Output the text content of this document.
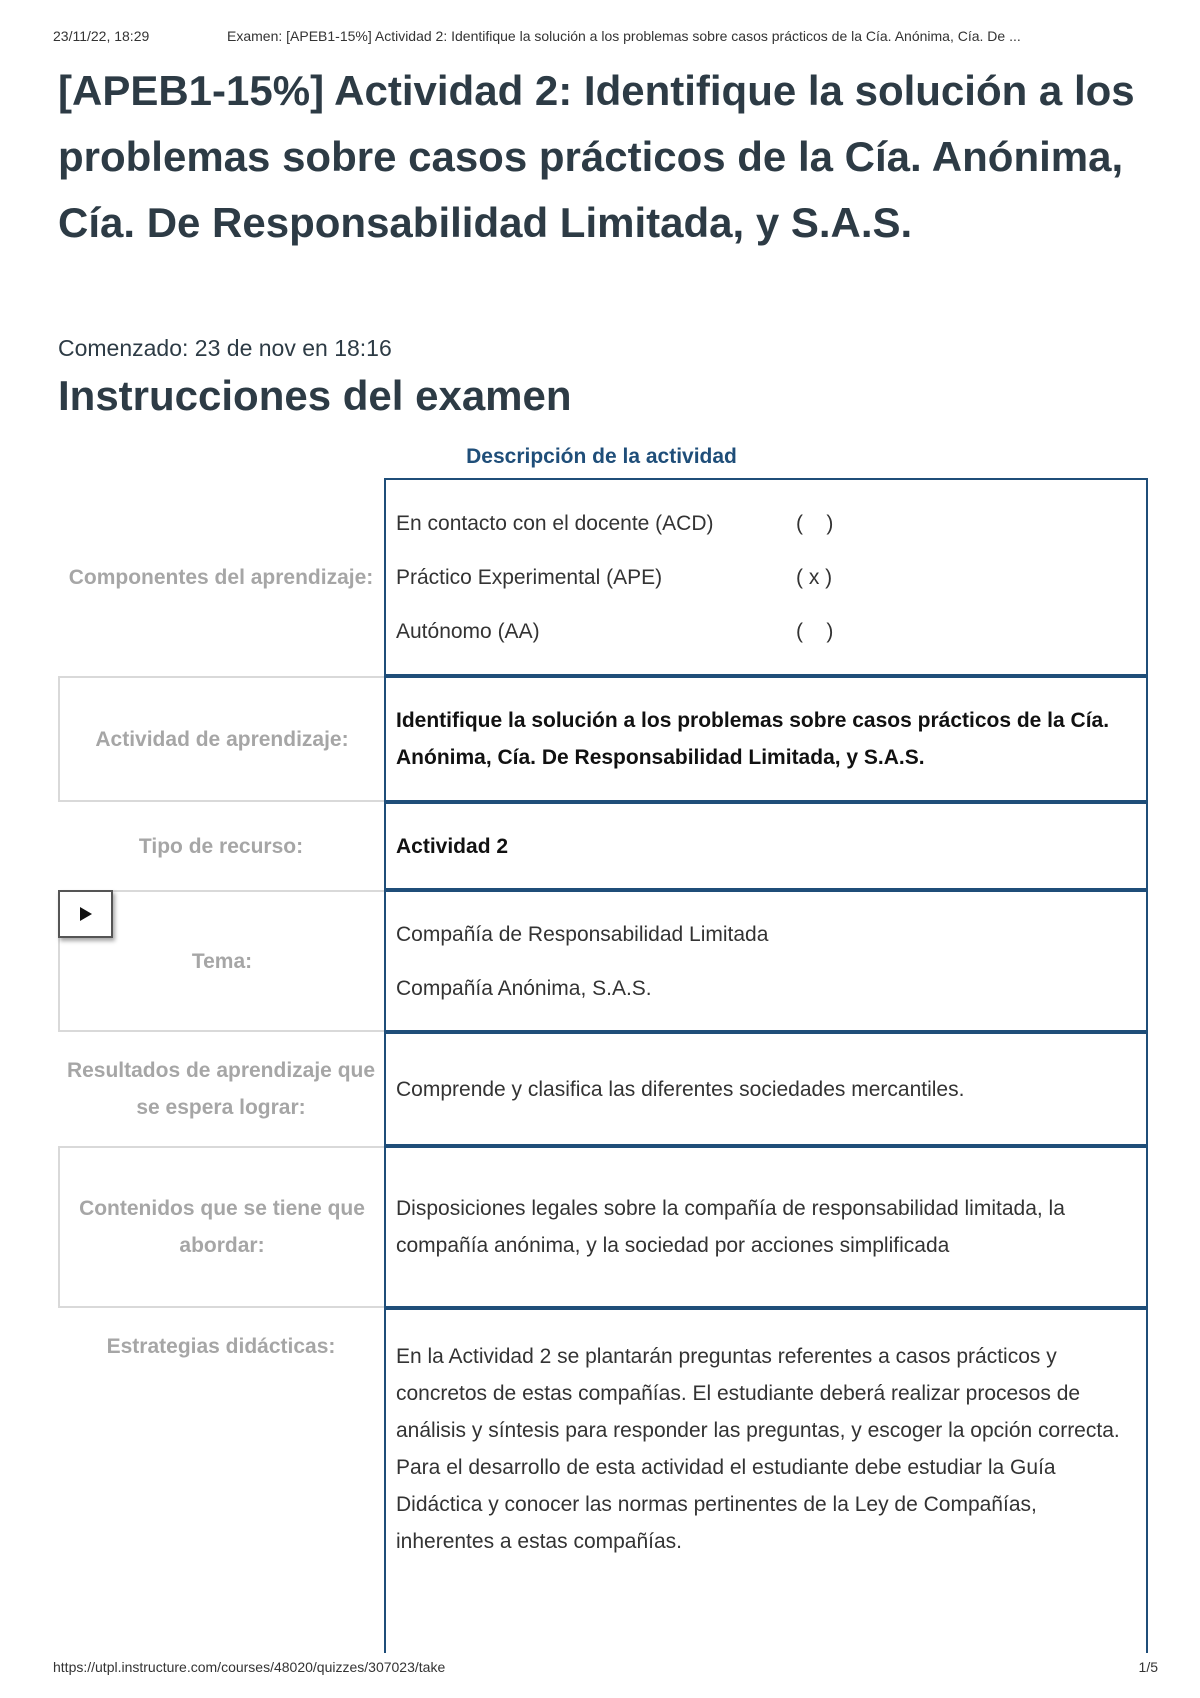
23/11/22, 18:29	Examen: [APEB1-15%] Actividad 2: Identifique la solución a los problemas sobre casos prácticos de la Cía. Anónima, Cía. De ...
[APEB1-15%] Actividad 2: Identifique la solución a los problemas sobre casos prácticos de la Cía. Anónima, Cía. De Responsabilidad Limitada, y S.A.S.
Comenzado: 23 de nov en 18:16
Instrucciones del examen
Descripción de la actividad
Componentes del aprendizaje:
En contacto con el docente (ACD)	(    )
Práctico Experimental (APE)	( x )
Autónomo (AA)	(    )
Actividad de aprendizaje:
Identifique la solución a los problemas sobre casos prácticos de la Cía. Anónima, Cía. De Responsabilidad Limitada, y S.A.S.
Tipo de recurso:	Actividad 2
Tema:
Compañía de Responsabilidad Limitada
Compañía Anónima, S.A.S.
Resultados de aprendizaje que se espera lograr:
Comprende y clasifica las diferentes sociedades mercantiles.
Contenidos que se tiene que abordar:
Disposiciones legales sobre la compañía de responsabilidad limitada, la compañía anónima, y la sociedad por acciones simplificada
Estrategias didácticas:	En la Actividad 2 se plantarán preguntas referentes a casos prácticos y concretos de estas compañías. El estudiante deberá realizar procesos de análisis y síntesis para responder las preguntas, y escoger la opción correcta. Para el desarrollo de esta actividad el estudiante debe estudiar la Guía Didáctica y conocer las normas pertinentes de la Ley de Compañías, inherentes a estas compañías.
https://utpl.instructure.com/courses/48020/quizzes/307023/take	1/5
